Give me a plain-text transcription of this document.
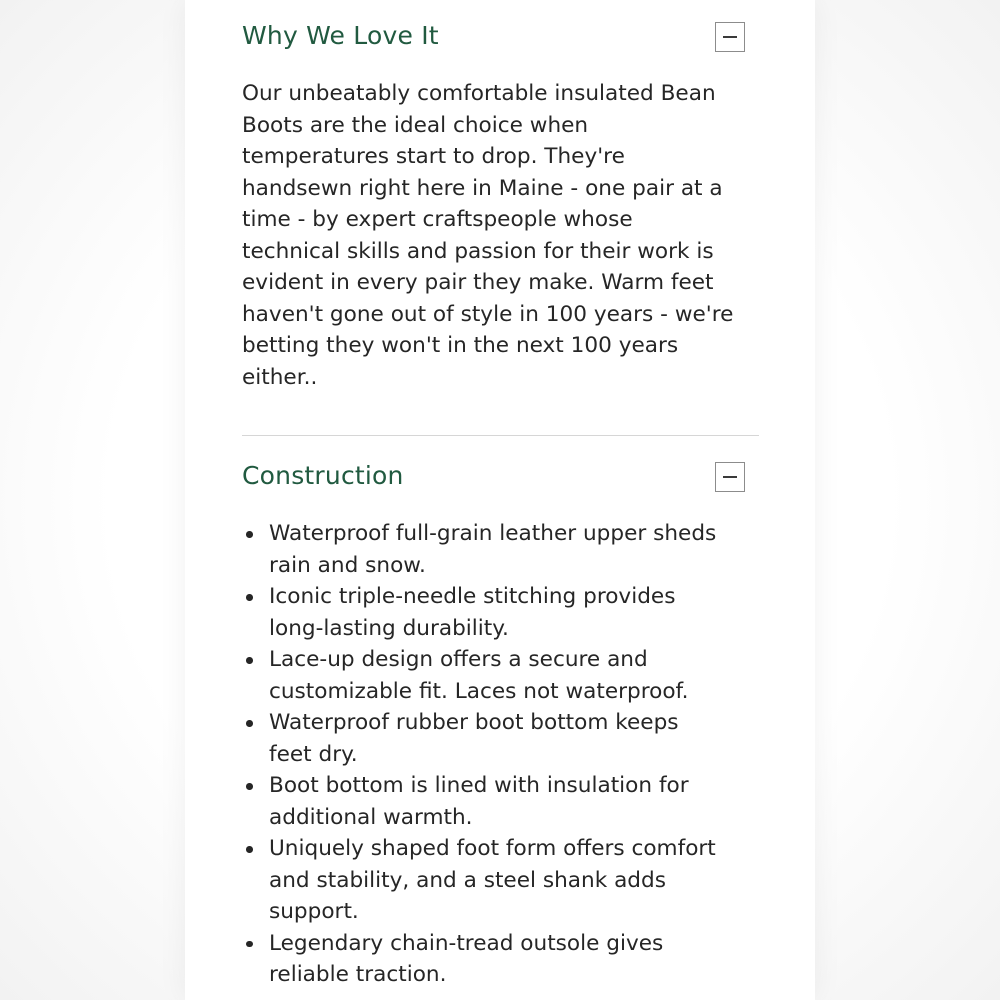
Why We Love It

Our unbeatably comfortable insulated Bean
Boots are the ideal choice when
temperatures start to drop. They're
handsewn right here in Maine - one pair at a
time - by expert craftspeople whose
technical skills and passion for their work is
evident in every pair they make. Warm feet
haven't gone out of style in 100 years - we're
betting they won't in the next 100 years
either..

Construction
Waterproof full-grain leather upper sheds
rain and snow.
Iconic triple-needle stitching provides
long-lasting durability.
Lace-up design offers a secure and
customizable fit. Laces not waterproof.
Waterproof rubber boot bottom keeps
feet dry.
Boot bottom is lined with insulation for
additional warmth.
Uniquely shaped foot form offers comfort
and stability, and a steel shank adds
support.
Legendary chain-tread outsole gives
reliable traction.
